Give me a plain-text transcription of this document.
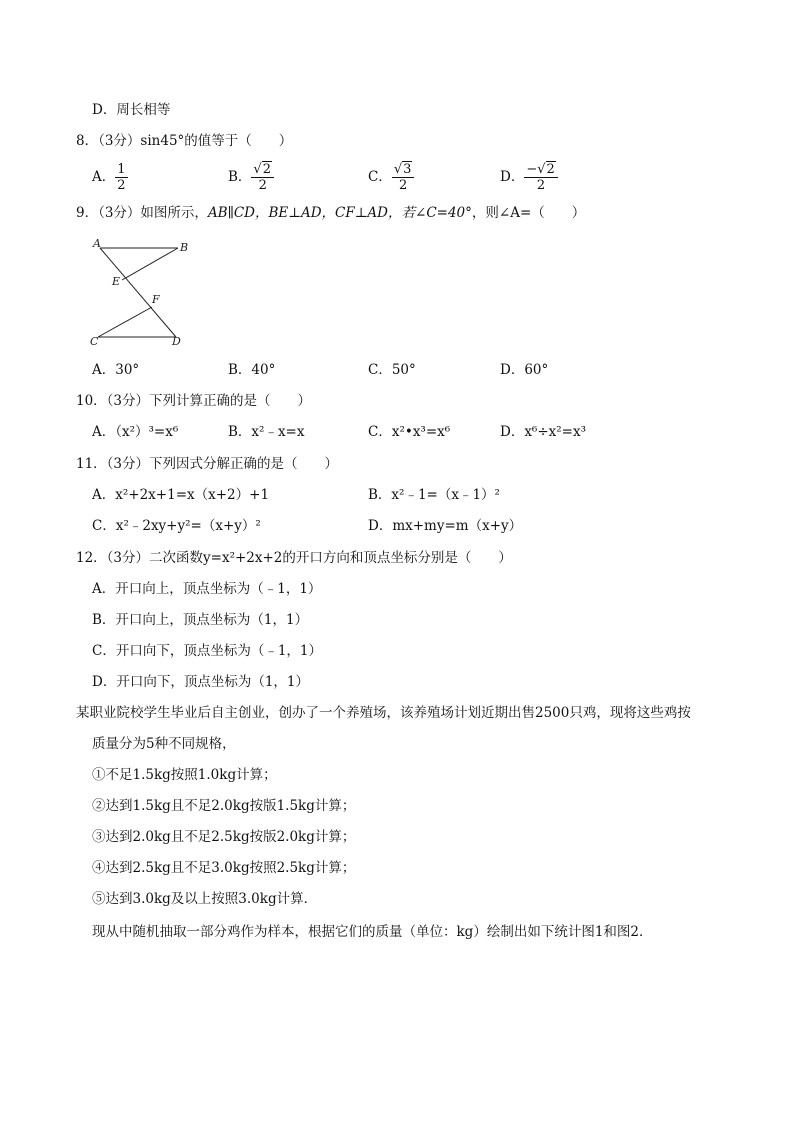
D．周长相等
8．（3分）sin45°的值等于（　　）
A． $\frac{1}{2}$	B． $\frac{√2}{2}$	C． $\frac{√3}{2}$	D． $\frac{-√2}{2}$
9．（3分）如图所示，AB∥CD，BE⊥AD，CF⊥AD，若∠C=40°，则∠A=（　　）
A	B
E
F
C	D
A．30°	B．40°	C．50°	D．60°
10．（3分）下列计算正确的是（　　）
A．（x²）³=x⁶	B．x²﹣x=x	C．x²•x³=x⁶	D．x⁶÷x²=x³
11．（3分）下列因式分解正确的是（　　）
A．x²+2x+1=x（x+2）+1	B．x²﹣1=（x﹣1）²
C．x²﹣2xy+y²=（x+y）²	D．mx+my=m（x+y）
12．（3分）二次函数y=x²+2x+2的开口方向和顶点坐标分别是（　　）
A．开口向上，顶点坐标为（﹣1，1）
B．开口向上，顶点坐标为（1，1）
C．开口向下，顶点坐标为（﹣1，1）
D．开口向下，顶点坐标为（1，1）
某职业院校学生毕业后自主创业，创办了一个养殖场，该养殖场计划近期出售2500只鸡，现将这些鸡按
质量分为5种不同规格，
①不足1.5kg按照1.0kg计算；
②达到1.5kg且不足2.0kg按版1.5kg计算；
③达到2.0kg且不足2.5kg按版2.0kg计算；
④达到2.5kg且不足3.0kg按照2.5kg计算；
⑤达到3.0kg及以上按照3.0kg计算．
现从中随机抽取一部分鸡作为样本，根据它们的质量（单位：kg）绘制出如下统计图1和图2．
